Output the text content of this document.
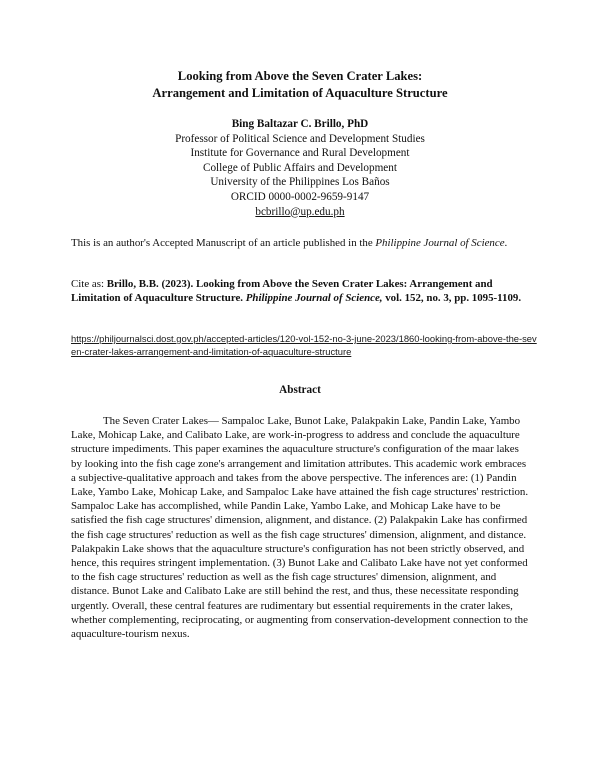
Looking from Above the Seven Crater Lakes:
Arrangement and Limitation of Aquaculture Structure
Bing Baltazar C. Brillo, PhD
Professor of Political Science and Development Studies
Institute for Governance and Rural Development
College of Public Affairs and Development
University of the Philippines Los Baños
ORCID 0000-0002-9659-9147
bcbrillo@up.edu.ph
This is an author's Accepted Manuscript of an article published in the Philippine Journal of Science.
Cite as: Brillo, B.B. (2023). Looking from Above the Seven Crater Lakes: Arrangement and Limitation of Aquaculture Structure. Philippine Journal of Science, vol. 152, no. 3, pp. 1095-1109.
https://philjournalsci.dost.gov.ph/accepted-articles/120-vol-152-no-3-june-2023/1860-looking-from-above-the-seven-crater-lakes-arrangement-and-limitation-of-aquaculture-structure
Abstract
The Seven Crater Lakes— Sampaloc Lake, Bunot Lake, Palakpakin Lake, Pandin Lake, Yambo Lake, Mohicap Lake, and Calibato Lake, are work-in-progress to address and conclude the aquaculture structure impediments. This paper examines the aquaculture structure's configuration of the maar lakes by looking into the fish cage zone's arrangement and limitation attributes. This academic work embraces a subjective-qualitative approach and takes from the above perspective. The inferences are: (1) Pandin Lake, Yambo Lake, Mohicap Lake, and Sampaloc Lake have attained the fish cage structures' restriction. Sampaloc Lake has accomplished, while Pandin Lake, Yambo Lake, and Mohicap Lake have to be satisfied the fish cage structures' dimension, alignment, and distance. (2) Palakpakin Lake has confirmed the fish cage structures' reduction as well as the fish cage structures' dimension, alignment, and distance. Palakpakin Lake shows that the aquaculture structure's configuration has not been strictly observed, and hence, this requires stringent implementation. (3) Bunot Lake and Calibato Lake have not yet conformed to the fish cage structures' reduction as well as the fish cage structures' dimension, alignment, and distance. Bunot Lake and Calibato Lake are still behind the rest, and thus, these necessitate responding urgently. Overall, these central features are rudimentary but essential requirements in the crater lakes, whether complementing, reciprocating, or augmenting from conservation-development connection to the aquaculture-tourism nexus.
